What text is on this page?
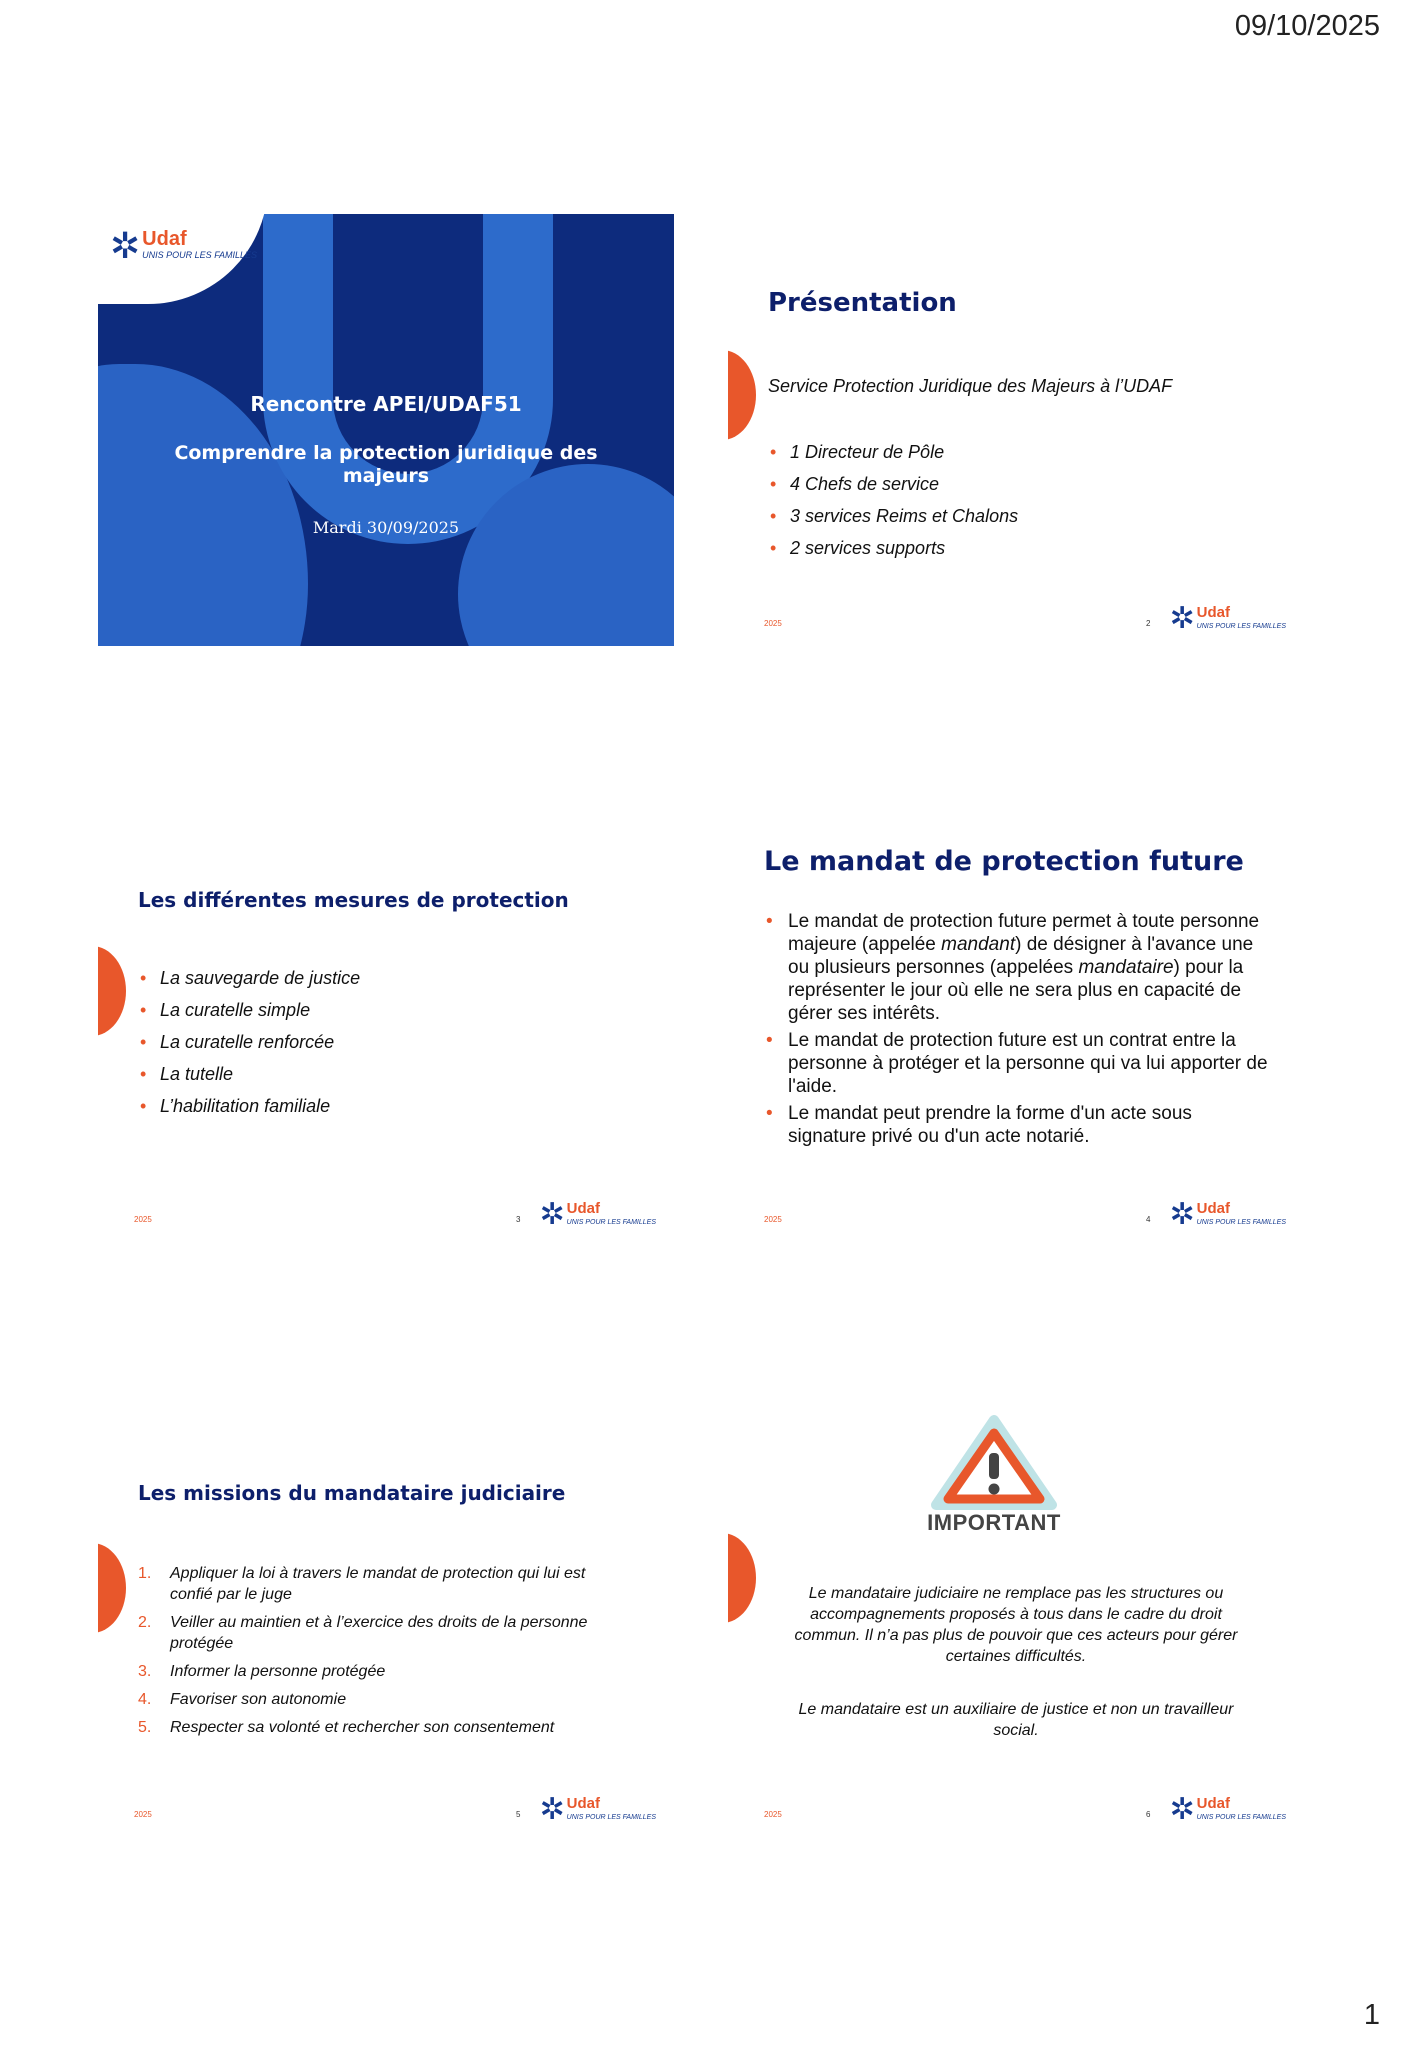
09/10/2025
✲ Udaf
UNIS POUR LES FAMILLES
Rencontre APEI/UDAF51
Comprendre la protection juridique des majeurs
Mardi 30/09/2025
Présentation
Service Protection Juridique des Majeurs à l’UDAF
• 1 Directeur de Pôle
• 4 Chefs de service
• 3 services Reims et Chalons
• 2 services supports
2025	2 ✲ Udaf
UNIS POUR LES FAMILLES
Les différentes mesures de protection
• La sauvegarde de justice
• La curatelle simple
• La curatelle renforcée
• La tutelle
• L’habilitation familiale
2025	3 ✲ Udaf
UNIS POUR LES FAMILLES
Le mandat de protection future
• Le mandat de protection future permet à toute personne majeure (appelée mandant) de désigner à l'avance une ou plusieurs personnes (appelées mandataire) pour la représenter le jour où elle ne sera plus en capacité de gérer ses intérêts.
• Le mandat de protection future est un contrat entre la personne à protéger et la personne qui va lui apporter de l'aide.
• Le mandat peut prendre la forme d'un acte sous signature privé ou d'un acte notarié.
2025	4 ✲ Udaf
UNIS POUR LES FAMILLES
Les missions du mandataire judiciaire
1. Appliquer la loi à travers le mandat de protection qui lui est confié par le juge
2. Veiller au maintien et à l’exercice des droits de la personne protégée
3. Informer la personne protégée
4. Favoriser son autonomie
5. Respecter sa volonté et rechercher son consentement
2025	5 ✲ Udaf
UNIS POUR LES FAMILLES
IMPORTANT
Le mandataire judiciaire ne remplace pas les structures ou accompagnements proposés à tous dans le cadre du droit commun. Il n’a pas plus de pouvoir que ces acteurs pour gérer certaines difficultés.
Le mandataire est un auxiliaire de justice et non un travailleur social.
2025	6 ✲ Udaf
UNIS POUR LES FAMILLES
1
